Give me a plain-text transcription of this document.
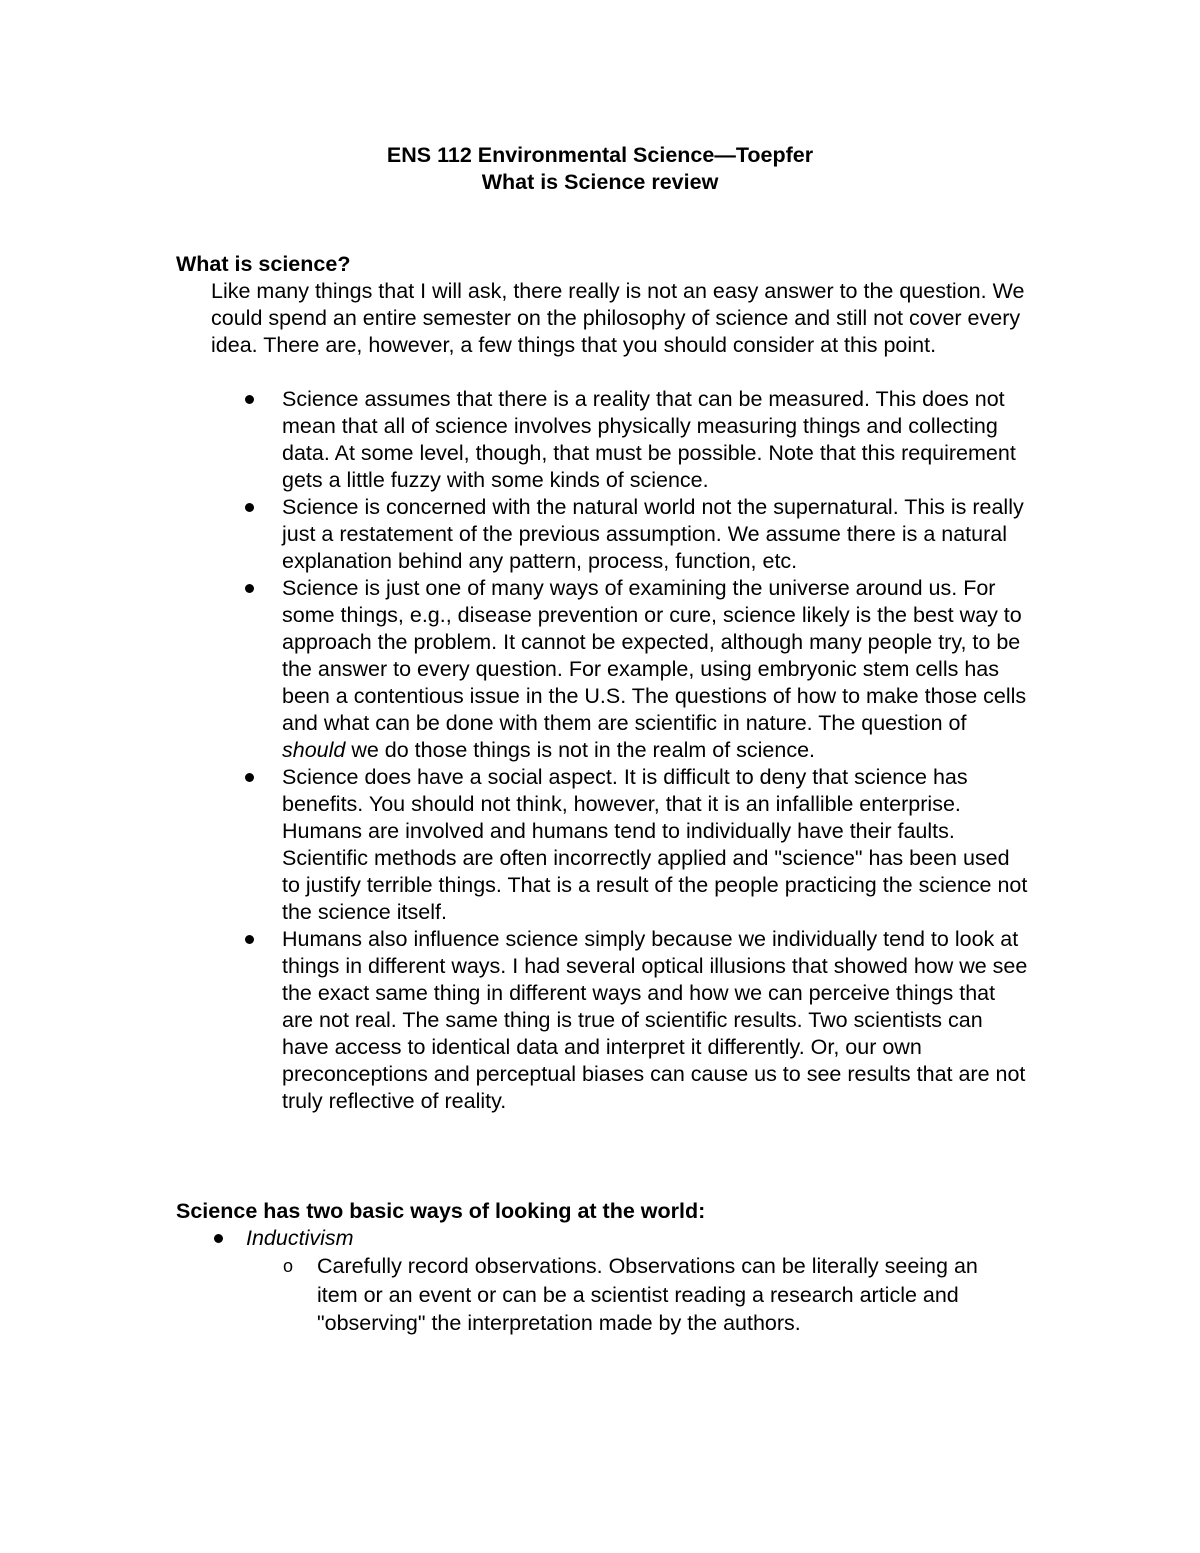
ENS 112 Environmental Science—Toepfer
What is Science review
What is science?

Like many things that I will ask, there really is not an easy answer to the question. We could spend an entire semester on the philosophy of science and still not cover every idea. There are, however, a few things that you should consider at this point.

Science assumes that there is a reality that can be measured. This does not mean that all of science involves physically measuring things and collecting data. At some level, though, that must be possible. Note that this requirement gets a little fuzzy with some kinds of science.
Science is concerned with the natural world not the supernatural. This is really just a restatement of the previous assumption. We assume there is a natural explanation behind any pattern, process, function, etc.
Science is just one of many ways of examining the universe around us. For some things, e.g., disease prevention or cure, science likely is the best way to approach the problem. It cannot be expected, although many people try, to be the answer to every question. For example, using embryonic stem cells has been a contentious issue in the U.S. The questions of how to make those cells and what can be done with them are scientific in nature. The question of should we do those things is not in the realm of science.
Science does have a social aspect. It is difficult to deny that science has benefits. You should not think, however, that it is an infallible enterprise. Humans are involved and humans tend to individually have their faults. Scientific methods are often incorrectly applied and "science" has been used to justify terrible things. That is a result of the people practicing the science not the science itself.
Humans also influence science simply because we individually tend to look at things in different ways. I had several optical illusions that showed how we see the exact same thing in different ways and how we can perceive things that are not real. The same thing is true of scientific results. Two scientists can have access to identical data and interpret it differently. Or, our own preconceptions and perceptual biases can cause us to see results that are not truly reflective of reality.
Science has two basic ways of looking at the world:
Inductivism
o Carefully record observations. Observations can be literally seeing an item or an event or can be a scientist reading a research article and "observing" the interpretation made by the authors.
